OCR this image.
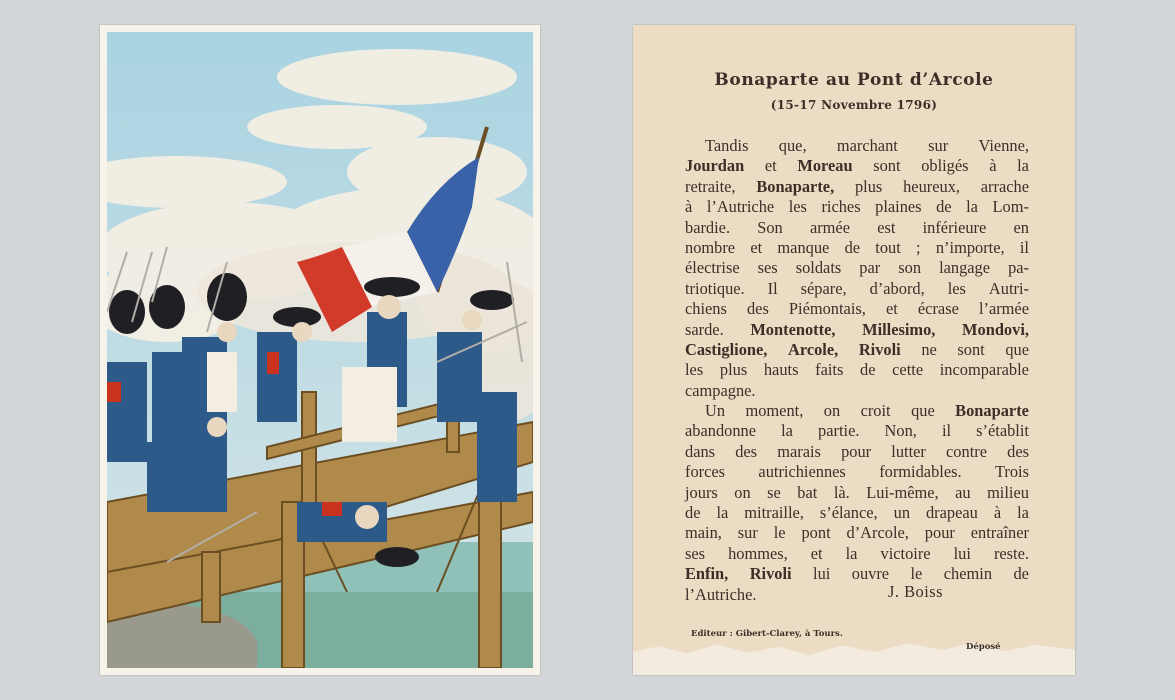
Bonaparte au Pont d’Arcole
(15-17 Novembre 1796)
Tandis que, marchant sur Vienne,
Jourdan et Moreau sont obligés à la
retraite, Bonaparte, plus heureux, arrache
à l’Autriche les riches plaines de la Lom-
bardie. Son armée est inférieure en
nombre et manque de tout ; n’importe, il
électrise ses soldats par son langage pa-
triotique. Il sépare, d’abord, les Autri-
chiens des Piémontais, et écrase l’armée
sarde. Montenotte, Millesimo, Mondovi,
Castiglione, Arcole, Rivoli ne sont que
les plus hauts faits de cette incomparable
campagne.
Un moment, on croit que Bonaparte
abandonne la partie. Non, il s’établit
dans des marais pour lutter contre des
forces autrichiennes formidables. Trois
jours on se bat là. Lui-même, au milieu
de la mitraille, s’élance, un drapeau à la
main, sur le pont d’Arcole, pour entraîner
ses hommes, et la victoire lui reste.
Enfin, Rivoli lui ouvre le chemin de
l’Autriche.	J. Boiss
Editeur : Gibert-Clarey, à Tours.
Déposé
